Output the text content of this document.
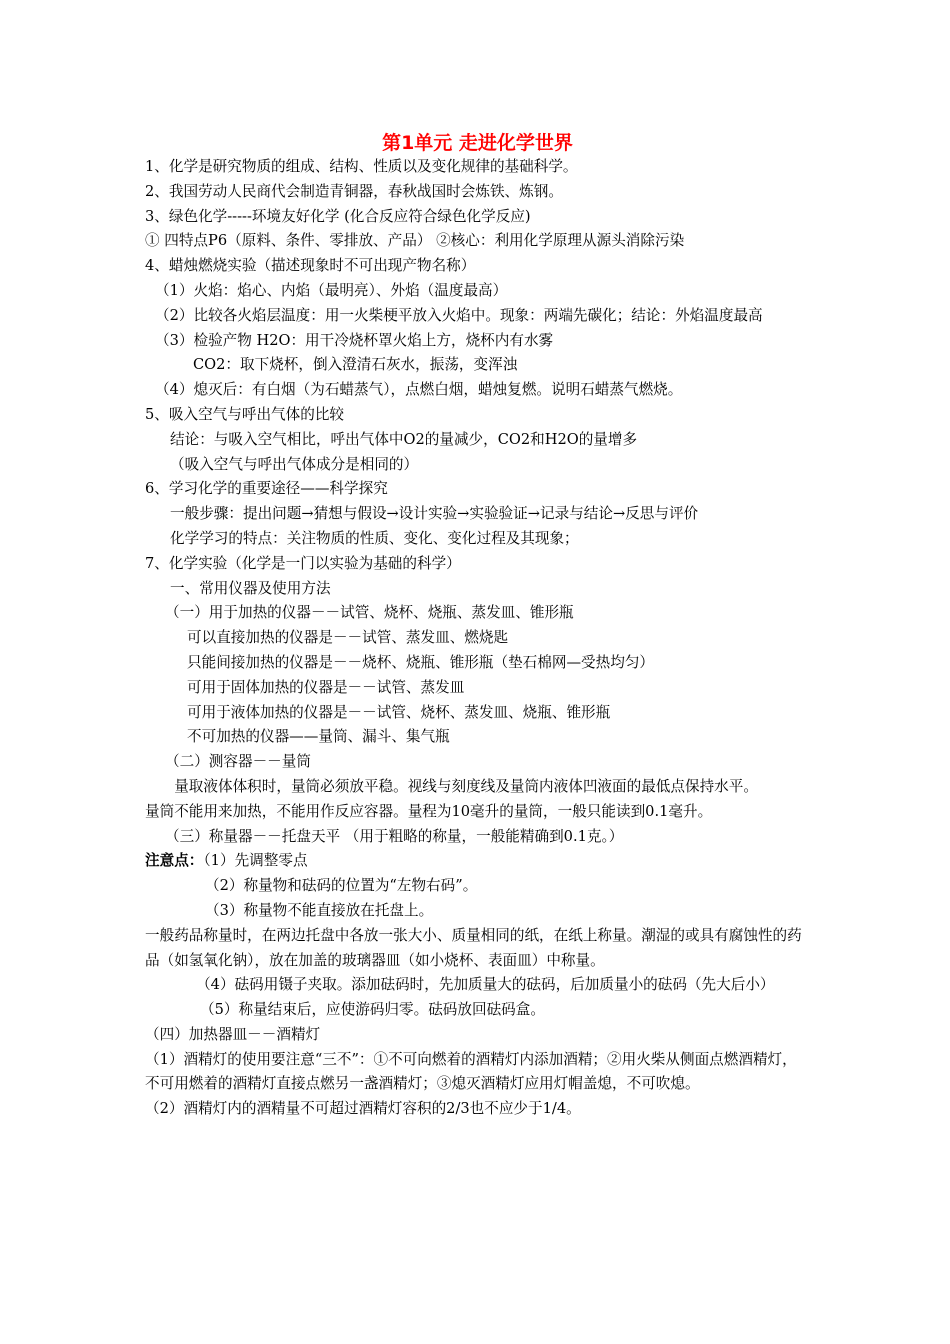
第1单元 走进化学世界

1、化学是研究物质的组成、结构、性质以及变化规律的基础科学。

2、我国劳动人民商代会制造青铜器，春秋战国时会炼铁、炼钢。

3、绿色化学-----环境友好化学 (化合反应符合绿色化学反应)

① 四特点P6（原料、条件、零排放、产品） ②核心：利用化学原理从源头消除污染

4、蜡烛燃烧实验（描述现象时不可出现产物名称）

（1）火焰：焰心、内焰（最明亮）、外焰（温度最高）

（2）比较各火焰层温度：用一火柴梗平放入火焰中。现象：两端先碳化；结论：外焰温度最高

（3）检验产物 H2O：用干冷烧杯罩火焰上方，烧杯内有水雾

CO2：取下烧杯，倒入澄清石灰水，振荡，变浑浊

（4）熄灭后：有白烟（为石蜡蒸气），点燃白烟，蜡烛复燃。说明石蜡蒸气燃烧。

5、吸入空气与呼出气体的比较

结论：与吸入空气相比，呼出气体中O2的量减少，CO2和H2O的量增多

（吸入空气与呼出气体成分是相同的）

6、学习化学的重要途径——科学探究

一般步骤：提出问题→猜想与假设→设计实验→实验验证→记录与结论→反思与评价

化学学习的特点：关注物质的性质、变化、变化过程及其现象；

7、化学实验（化学是一门以实验为基础的科学）

一、常用仪器及使用方法

（一）用于加热的仪器－－试管、烧杯、烧瓶、蒸发皿、锥形瓶

可以直接加热的仪器是－－试管、蒸发皿、燃烧匙

只能间接加热的仪器是－－烧杯、烧瓶、锥形瓶（垫石棉网—受热均匀）

可用于固体加热的仪器是－－试管、蒸发皿

可用于液体加热的仪器是－－试管、烧杯、蒸发皿、烧瓶、锥形瓶

不可加热的仪器——量筒、漏斗、集气瓶

（二）测容器－－量筒

　　量取液体体积时，量筒必须放平稳。视线与刻度线及量筒内液体凹液面的最低点保持水平。

量筒不能用来加热，不能用作反应容器。量程为10毫升的量筒，一般只能读到0.1毫升。

（三）称量器－－托盘天平 （用于粗略的称量，一般能精确到0.1克。）

注意点：（1）先调整零点

（2）称量物和砝码的位置为“左物右码”。

（3）称量物不能直接放在托盘上。

一般药品称量时，在两边托盘中各放一张大小、质量相同的纸，在纸上称量。潮湿的或具有腐蚀性的药品（如氢氧化钠），放在加盖的玻璃器皿（如小烧杯、表面皿）中称量。

　　　　（4）砝码用镊子夹取。添加砝码时，先加质量大的砝码，后加质量小的砝码（先大后小）

（5）称量结束后，应使游码归零。砝码放回砝码盒。

（四）加热器皿－－酒精灯

（1）酒精灯的使用要注意“三不”：①不可向燃着的酒精灯内添加酒精；②用火柴从侧面点燃酒精灯，不可用燃着的酒精灯直接点燃另一盏酒精灯；③熄灭酒精灯应用灯帽盖熄，不可吹熄。

（2）酒精灯内的酒精量不可超过酒精灯容积的2/3也不应少于1/4。
